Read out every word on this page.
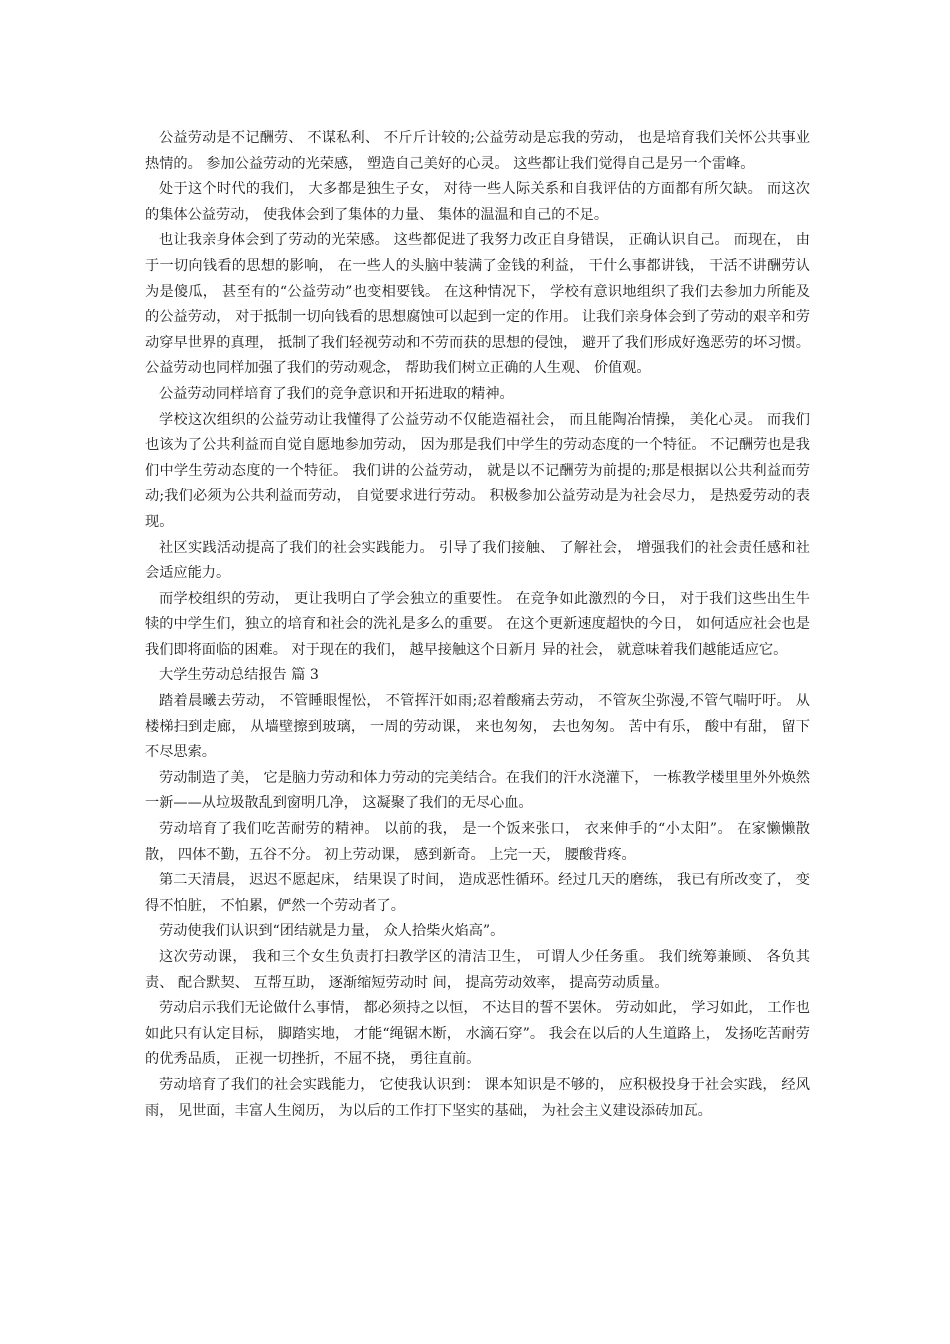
公益劳动是不记酬劳、 不谋私利、 不斤斤计较的;公益劳动是忘我的劳动， 也是培育我们关怀公共事业热情的。 参加公益劳动的光荣感， 塑造自己美好的心灵。 这些都让我们觉得自己是另一个雷峰。

处于这个时代的我们， 大多都是独生子女， 对待一些人际关系和自我评估的方面都有所欠缺。 而这次的集体公益劳动， 使我体会到了集体的力量、 集体的温温和自己的不足。

也让我亲身体会到了劳动的光荣感。 这些都促进了我努力改正自身错误， 正确认识自己。 而现在， 由于一切向钱看的思想的影响， 在一些人的头脑中装满了金钱的利益， 干什么事都讲钱， 干活不讲酬劳认为是傻瓜， 甚至有的“公益劳动”也变相要钱。 在这种情况下， 学校有意识地组织了我们去参加力所能及的公益劳动， 对于抵制一切向钱看的思想腐蚀可以起到一定的作用。 让我们亲身体会到了劳动的艰辛和劳动穿早世界的真理， 抵制了我们轻视劳动和不劳而获的思想的侵蚀， 避开了我们形成好逸恶劳的坏习惯。 公益劳动也同样加强了我们的劳动观念， 帮助我们树立正确的人生观、 价值观。

公益劳动同样培育了我们的竞争意识和开拓进取的精神。

学校这次组织的公益劳动让我懂得了公益劳动不仅能造福社会， 而且能陶冶情操， 美化心灵。 而我们也该为了公共利益而自觉自愿地参加劳动， 因为那是我们中学生的劳动态度的一个特征。 不记酬劳也是我们中学生劳动态度的一个特征。 我们讲的公益劳动， 就是以不记酬劳为前提的;那是根据以公共利益而劳动;我们必须为公共利益而劳动， 自觉要求进行劳动。 积极参加公益劳动是为社会尽力， 是热爱劳动的表现。

社区实践活动提高了我们的社会实践能力。 引导了我们接触、 了解社会， 增强我们的社会责任感和社会适应能力。

而学校组织的劳动， 更让我明白了学会独立的重要性。 在竞争如此激烈的今日， 对于我们这些出生牛犊的中学生们，独立的培育和社会的洗礼是多么的重要。 在这个更新速度超快的今日， 如何适应社会也是我们即将面临的困难。 对于现在的我们， 越早接触这个日新月 异的社会， 就意味着我们越能适应它。

大学生劳动总结报告 篇 3

踏着晨曦去劳动， 不管睡眼惺忪， 不管挥汗如雨;忍着酸痛去劳动， 不管灰尘弥漫,不管气喘吁吁。 从楼梯扫到走廊， 从墙壁擦到玻璃， 一周的劳动课， 来也匆匆， 去也匆匆。 苦中有乐， 酸中有甜， 留下不尽思索。

劳动制造了美， 它是脑力劳动和体力劳动的完美结合。在我们的汗水浇灌下， 一栋教学楼里里外外焕然一新——从垃圾散乱到窗明几净， 这凝聚了我们的无尽心血。

劳动培育了我们吃苦耐劳的精神。 以前的我， 是一个饭来张口， 衣来伸手的“小太阳”。 在家懒懒散散， 四体不勤，五谷不分。 初上劳动课， 感到新奇。 上完一天， 腰酸背疼。

第二天清晨， 迟迟不愿起床， 结果误了时间， 造成恶性循环。经过几天的磨练， 我已有所改变了， 变得不怕脏， 不怕累，俨然一个劳动者了。

劳动使我们认识到“团结就是力量， 众人拾柴火焰高”。

这次劳动课， 我和三个女生负责打扫教学区的清洁卫生， 可谓人少任务重。 我们统筹兼顾、 各负其责、 配合默契、 互帮互助， 逐渐缩短劳动时 间， 提高劳动效率， 提高劳动质量。

劳动启示我们无论做什么事情， 都必须持之以恒， 不达目的誓不罢休。 劳动如此， 学习如此， 工作也如此只有认定目标， 脚踏实地， 才能“绳锯木断， 水滴石穿”。 我会在以后的人生道路上， 发扬吃苦耐劳的优秀品质， 正视一切挫折，不屈不挠， 勇往直前。

劳动培育了我们的社会实践能力， 它使我认识到： 课本知识是不够的， 应积极投身于社会实践， 经风雨， 见世面，丰富人生阅历， 为以后的工作打下坚实的基础， 为社会主义建设添砖加瓦。
